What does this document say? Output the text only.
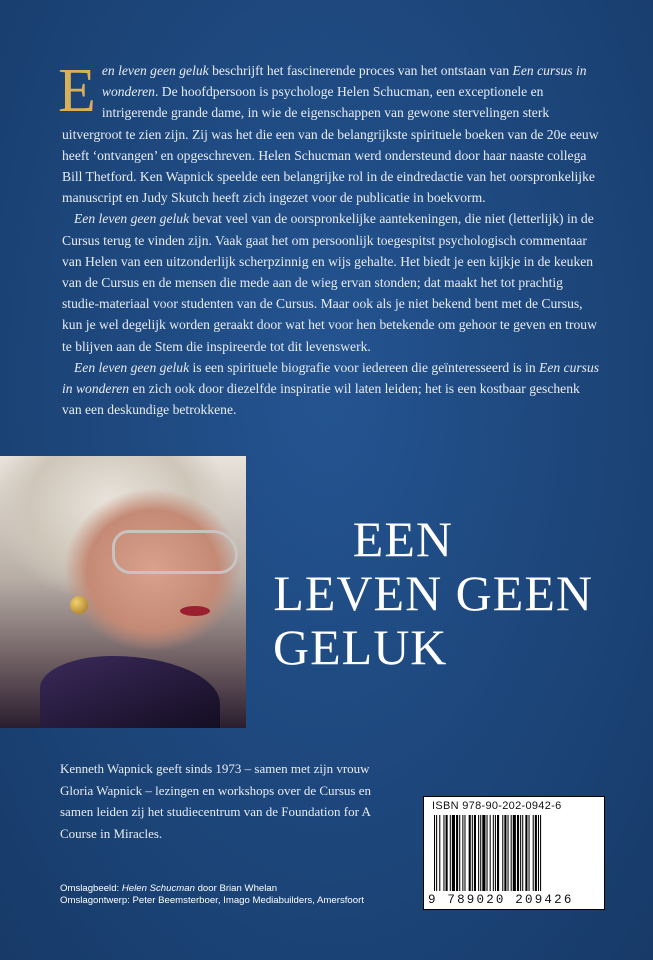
Een leven geen geluk beschrijft het fascinerende proces van het ontstaan van Een cursus in wonderen. De hoofdpersoon is psychologe Helen Schucman, een exceptionele en intrigerende grande dame, in wie de eigenschappen van gewone stervelingen sterk uitvergroot te zien zijn. Zij was het die een van de belangrijkste spirituele boeken van de 20e eeuw heeft ‘ontvangen’ en opgeschreven. Helen Schucman werd ondersteund door haar naaste collega Bill Thetford. Ken Wapnick speelde een belangrijke rol in de eindredactie van het oorspronkelijke manuscript en Judy Skutch heeft zich ingezet voor de publicatie in boekvorm.

Een leven geen geluk bevat veel van de oorspronkelijke aantekeningen, die niet (letterlijk) in de Cursus terug te vinden zijn. Vaak gaat het om persoonlijk toegespitst psychologisch commentaar van Helen van een uitzonderlijk scherpzinnig en wijs gehalte. Het biedt je een kijkje in de keuken van de Cursus en de mensen die mede aan de wieg ervan stonden; dat maakt het tot prachtig studie-materiaal voor studenten van de Cursus. Maar ook als je niet bekend bent met de Cursus, kun je wel degelijk worden geraakt door wat het voor hen betekende om gehoor te geven en trouw te blijven aan de Stem die inspireerde tot dit levenswerk.

Een leven geen geluk is een spirituele biografie voor iedereen die geïnteresseerd is in Een cursus in wonderen en zich ook door diezelfde inspiratie wil laten leiden; het is een kostbaar geschenk van een deskundige betrokkene.

EEN
LEVEN GEEN
GELUK
Kenneth Wapnick geeft sinds 1973 – samen met zijn vrouw Gloria Wapnick – lezingen en workshops over de Cursus en samen leiden zij het studiecentrum van de Foundation for A Course in Miracles.
Omslagbeeld: Helen Schucman door Brian Whelan
Omslagontwerp: Peter Beemsterboer, Imago Mediabuilders, Amersfoort
ISBN 978-90-202-0942-6
9 789020 209426
